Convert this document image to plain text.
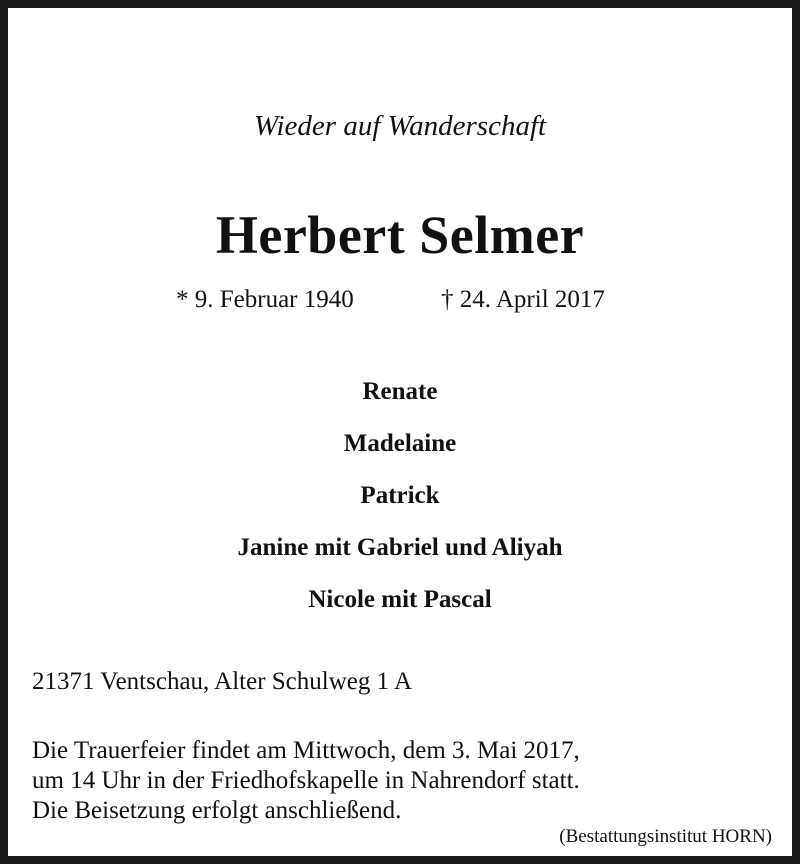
Wieder auf Wanderschaft
Herbert Selmer
* 9. Februar 1940	† 24. April 2017
Renate
Madelaine
Patrick
Janine mit Gabriel und Aliyah
Nicole mit Pascal
21371 Ventschau, Alter Schulweg 1 A
Die Trauerfeier findet am Mittwoch, dem 3. Mai 2017,
um 14 Uhr in der Friedhofskapelle in Nahrendorf statt.
Die Beisetzung erfolgt anschließend.
(Bestattungsinstitut HORN)
